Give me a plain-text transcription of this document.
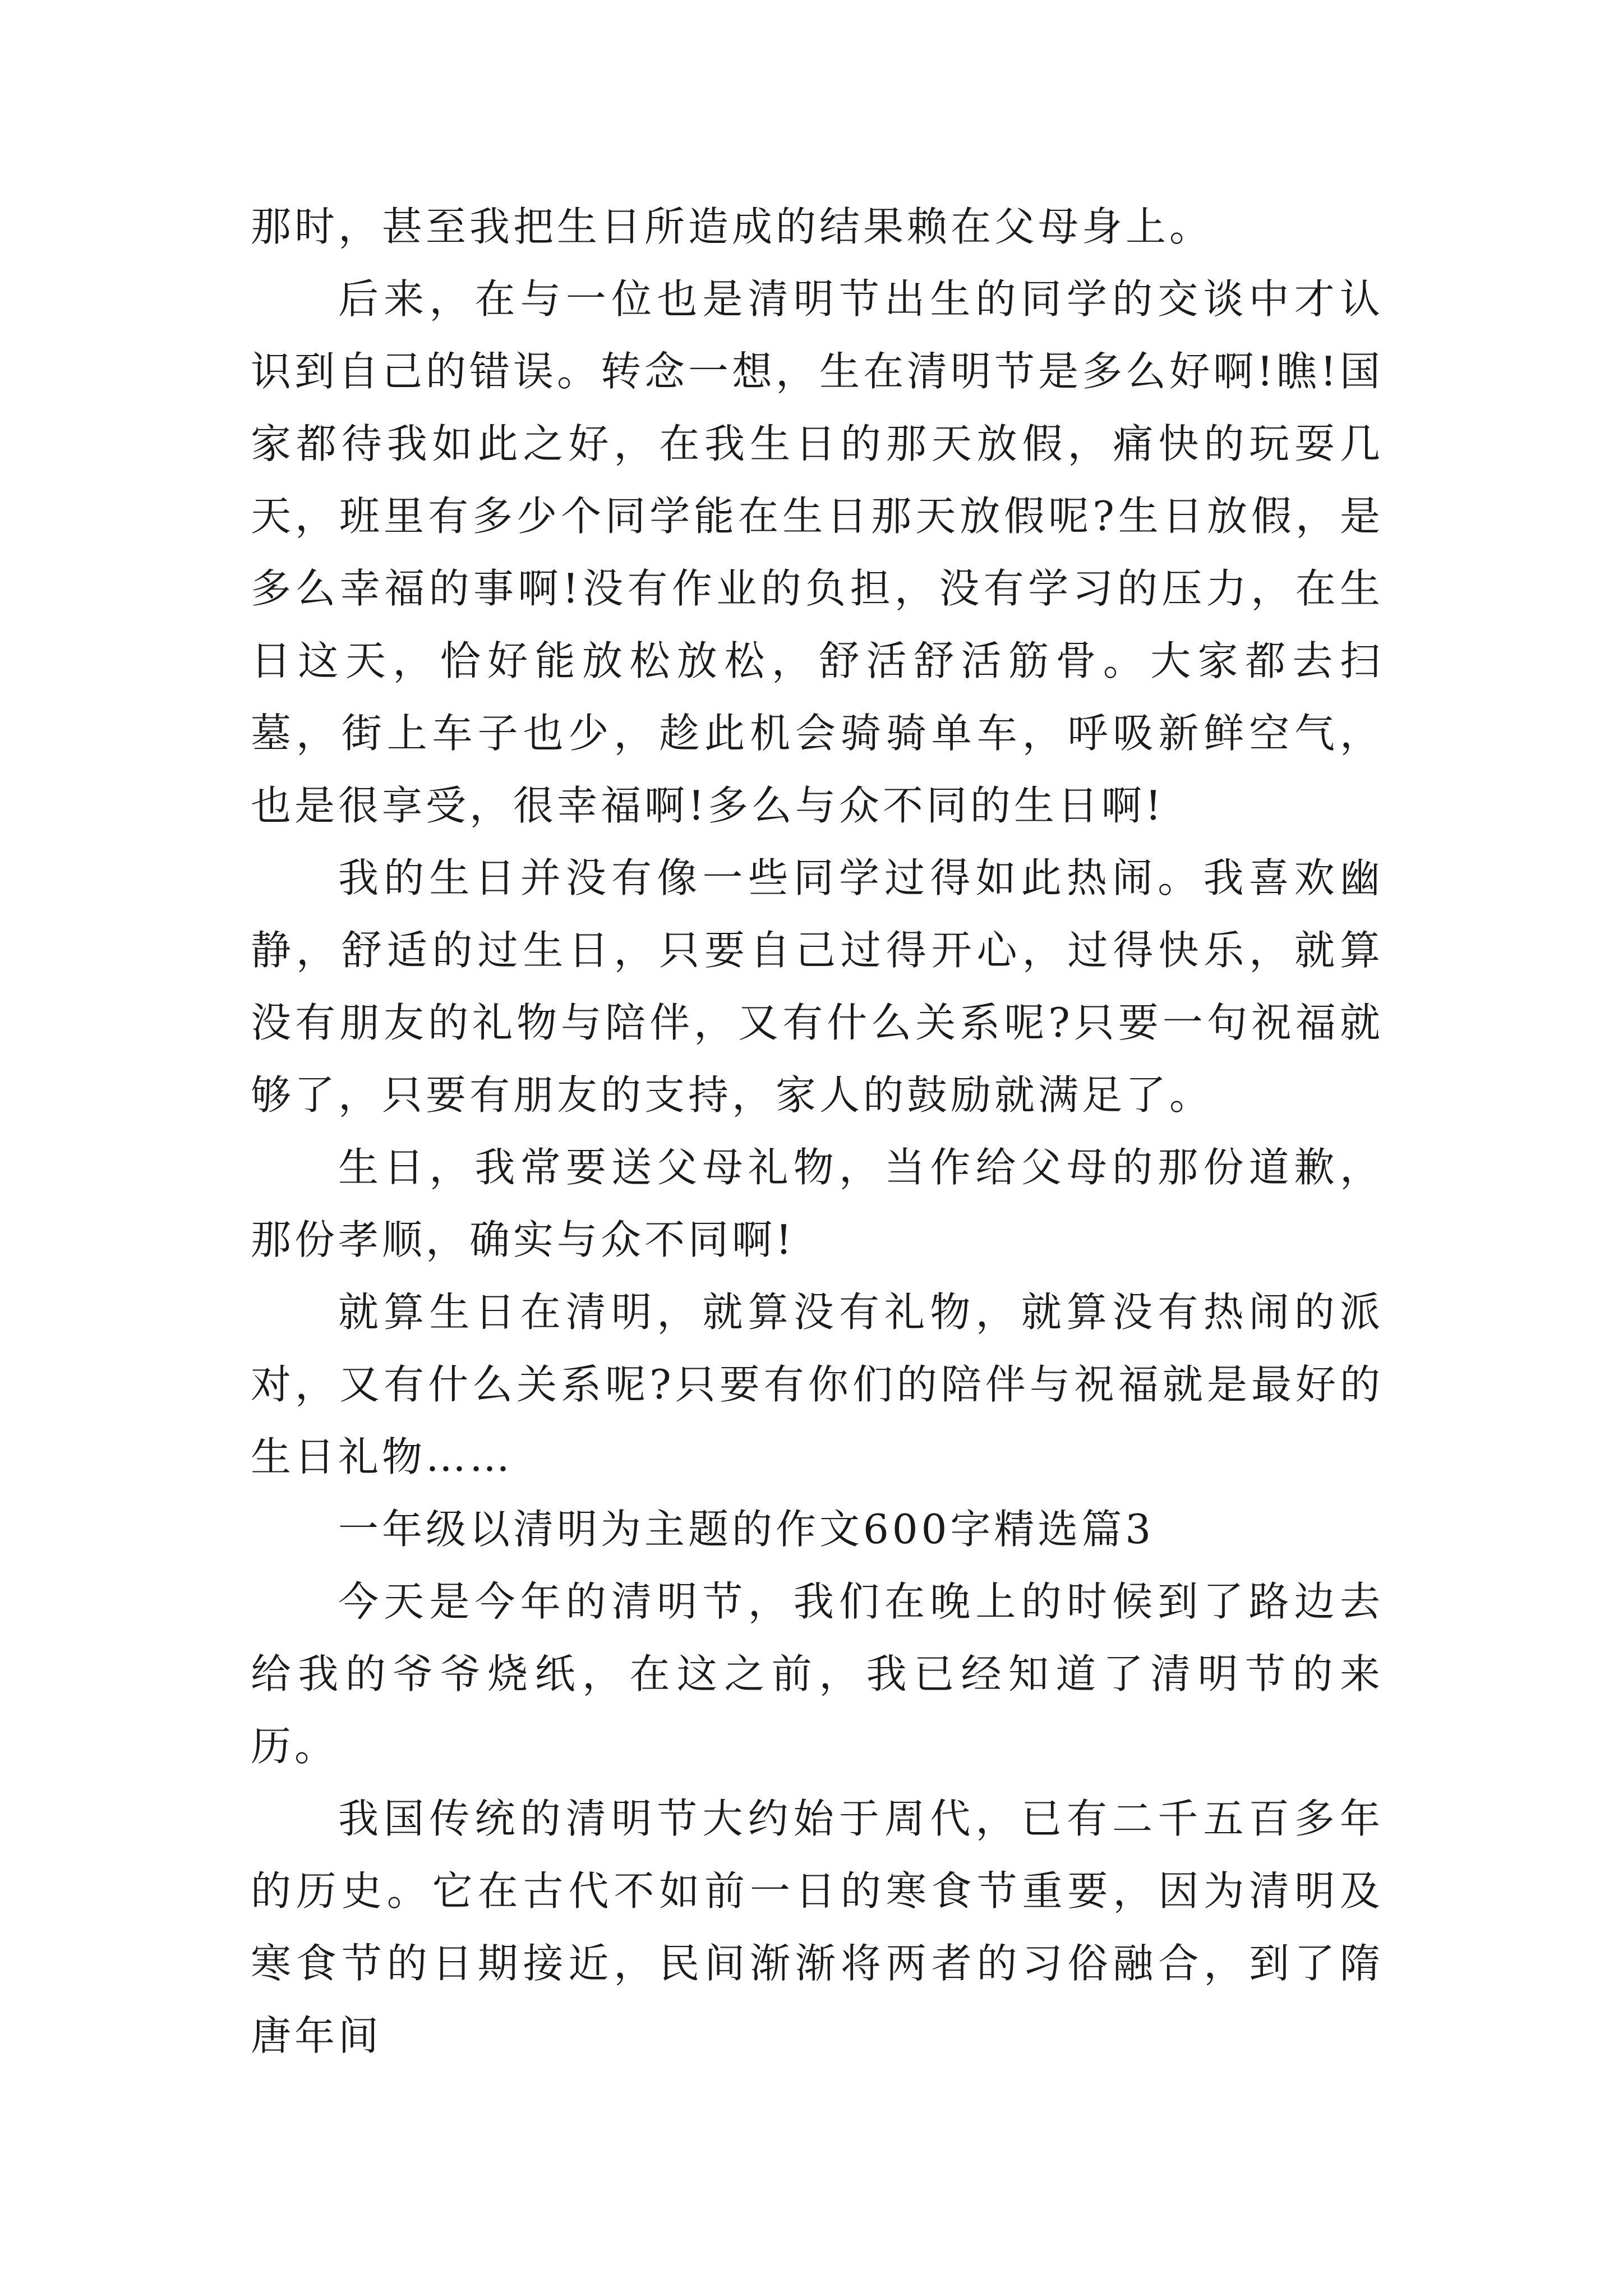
那时，甚至我把生日所造成的结果赖在父母身上。

后来，在与一位也是清明节出生的同学的交谈中才认识到自己的错误。转念一想，生在清明节是多么好啊!瞧!国家都待我如此之好，在我生日的那天放假，痛快的玩耍几天，班里有多少个同学能在生日那天放假呢?生日放假，是多么幸福的事啊!没有作业的负担，没有学习的压力，在生日这天，恰好能放松放松，舒活舒活筋骨。大家都去扫墓，街上车子也少，趁此机会骑骑单车，呼吸新鲜空气，也是很享受，很幸福啊!多么与众不同的生日啊!

我的生日并没有像一些同学过得如此热闹。我喜欢幽静，舒适的过生日，只要自己过得开心，过得快乐，就算没有朋友的礼物与陪伴，又有什么关系呢?只要一句祝福就够了，只要有朋友的支持，家人的鼓励就满足了。

生日，我常要送父母礼物，当作给父母的那份道歉，那份孝顺，确实与众不同啊!

就算生日在清明，就算没有礼物，就算没有热闹的派对，又有什么关系呢?只要有你们的陪伴与祝福就是最好的生日礼物……

一年级以清明为主题的作文600字精选篇3

今天是今年的清明节，我们在晚上的时候到了路边去给我的爷爷烧纸，在这之前，我已经知道了清明节的来历。

我国传统的清明节大约始于周代，已有二千五百多年的历史。它在古代不如前一日的寒食节重要，因为清明及寒食节的日期接近，民间渐渐将两者的习俗融合，到了隋唐年间
